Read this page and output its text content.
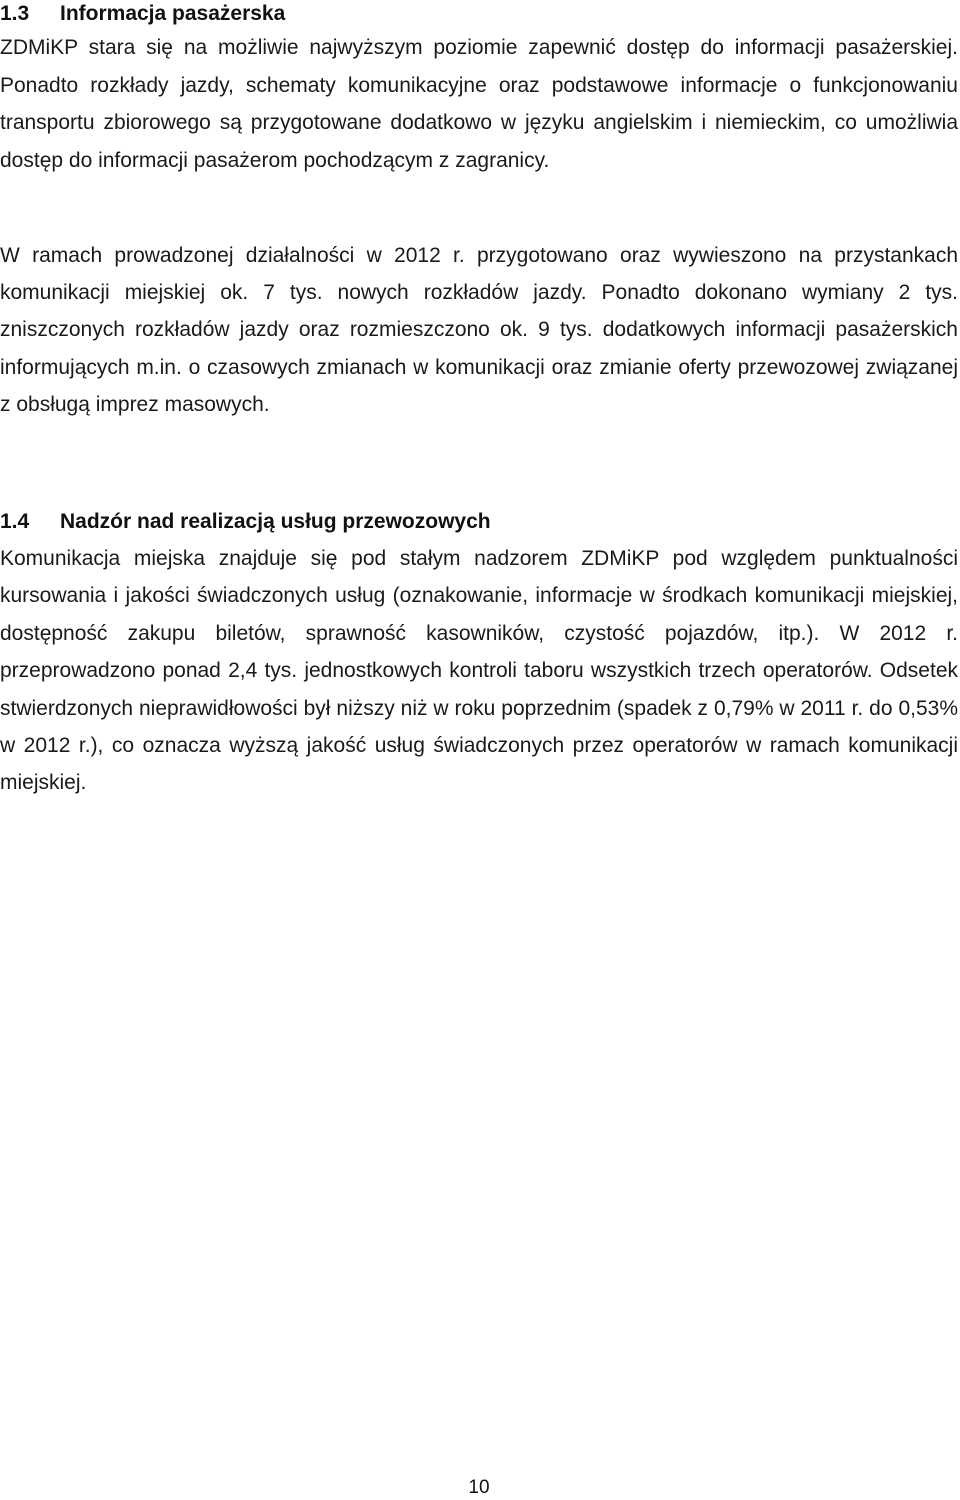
1.3 Informacja pasażerska

ZDMiKP stara się na możliwie najwyższym poziomie zapewnić dostęp do informacji pasażerskiej. Ponadto rozkłady jazdy, schematy komunikacyjne oraz podstawowe informacje o funkcjonowaniu transportu zbiorowego są przygotowane dodatkowo w języku angielskim i niemieckim, co umożliwia dostęp do informacji pasażerom pochodzącym z zagranicy.

W ramach prowadzonej działalności w 2012 r. przygotowano oraz wywieszono na przystankach komunikacji miejskiej ok. 7 tys. nowych rozkładów jazdy. Ponadto dokonano wymiany 2 tys. zniszczonych rozkładów jazdy oraz rozmieszczono ok. 9 tys. dodatkowych informacji pasażerskich informujących m.in. o czasowych zmianach w komunikacji oraz zmianie oferty przewozowej związanej z obsługą imprez masowych.

1.4 Nadzór nad realizacją usług przewozowych

Komunikacja miejska znajduje się pod stałym nadzorem ZDMiKP pod względem punktualności kursowania i jakości świadczonych usług (oznakowanie, informacje w środkach komunikacji miejskiej, dostępność zakupu biletów, sprawność kasowników, czystość pojazdów, itp.). W 2012 r. przeprowadzono ponad 2,4 tys. jednostkowych kontroli taboru wszystkich trzech operatorów. Odsetek stwierdzonych nieprawidłowości był niższy niż w roku poprzednim (spadek z 0,79% w 2011 r. do 0,53% w 2012 r.), co oznacza wyższą jakość usług świadczonych przez operatorów w ramach komunikacji miejskiej.

10
